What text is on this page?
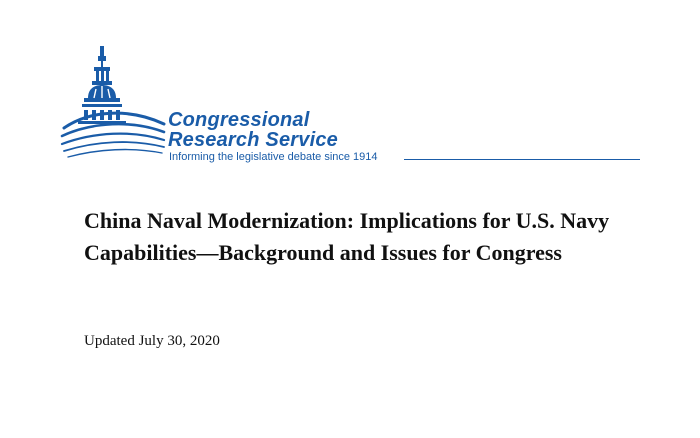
Congressional
Research Service
Informing the legislative debate since 1914
China Naval Modernization: Implications for U.S. Navy Capabilities—Background and Issues for Congress
Updated July 30, 2020
